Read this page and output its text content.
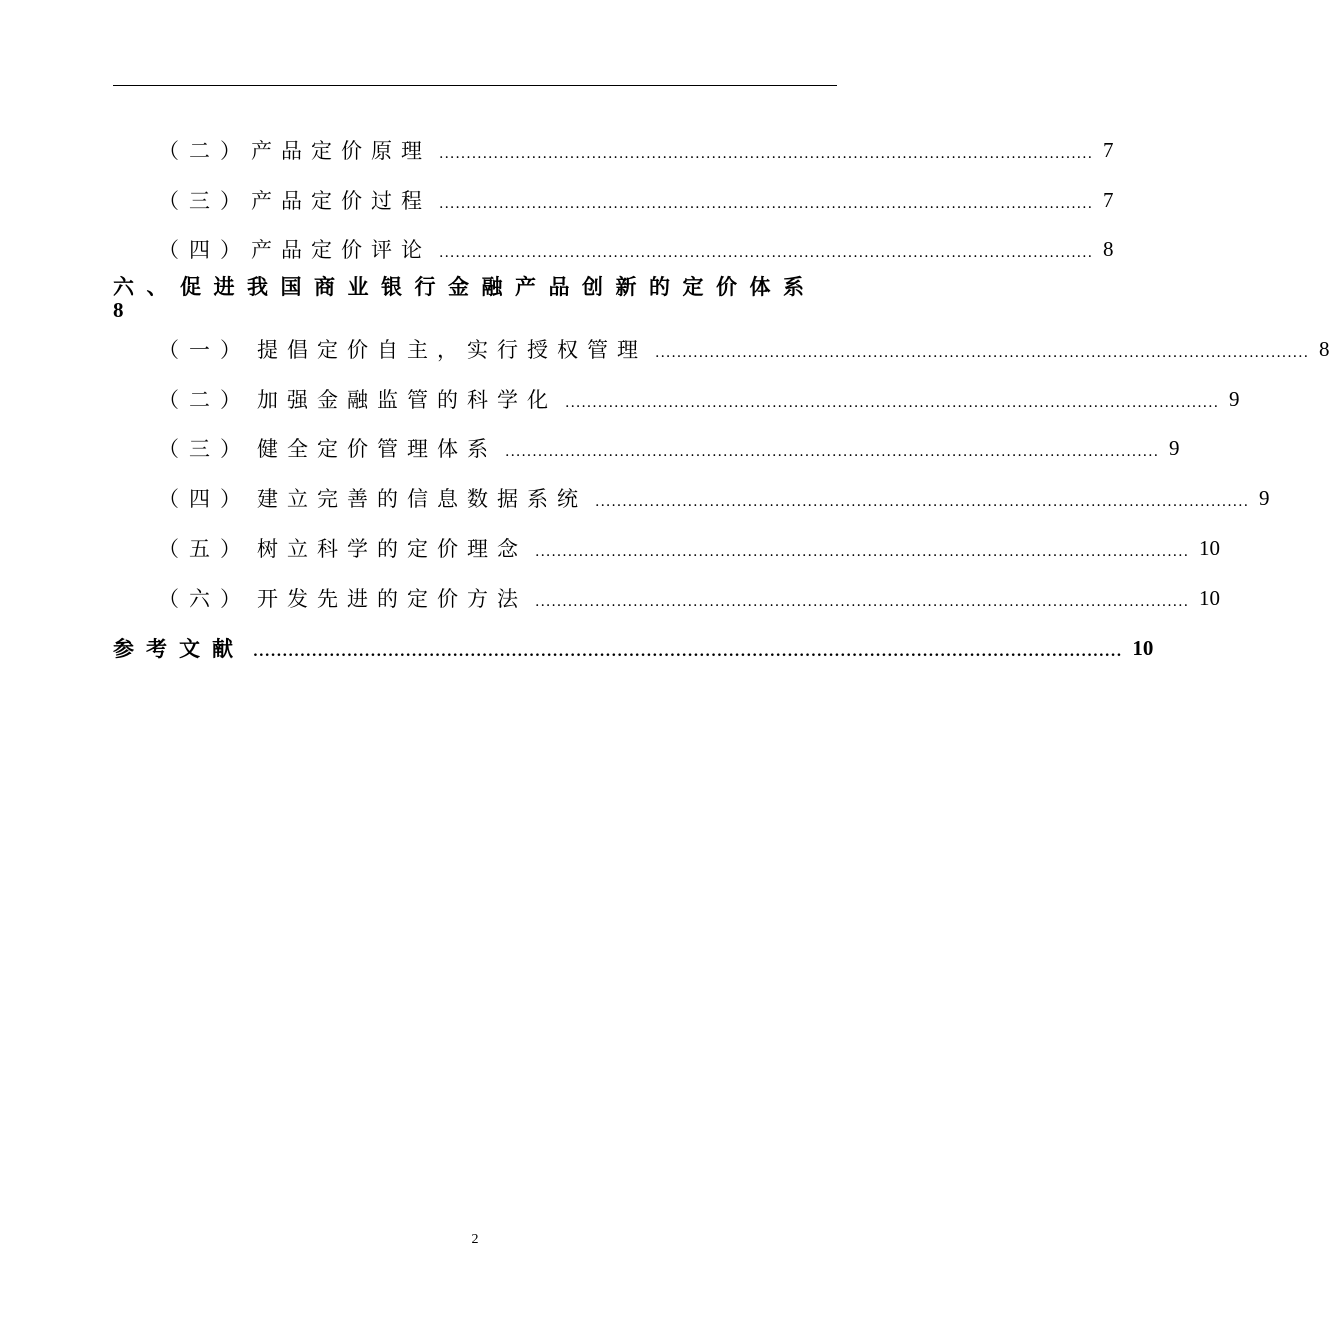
（二） 产品定价原理 ........................................................................................................................ 7
（三） 产品定价过程 ........................................................................................................................ 7
（四） 产品定价评论 ........................................................................................................................ 8
六、促进我国商业银行金融产品创新的定价体系
8
（一） 提倡定价自主，实行授权管理 ........................................................................................................................ 8
（二） 加强金融监管的科学化 ........................................................................................................................ 9
（三） 健全定价管理体系 ........................................................................................................................ 9
（四） 建立完善的信息数据系统 ........................................................................................................................ 9
（五） 树立科学的定价理念 ........................................................................................................................ 10
（六） 开发先进的定价方法 ........................................................................................................................ 10
参考文献 .................................................................................................................................................... 10
2
